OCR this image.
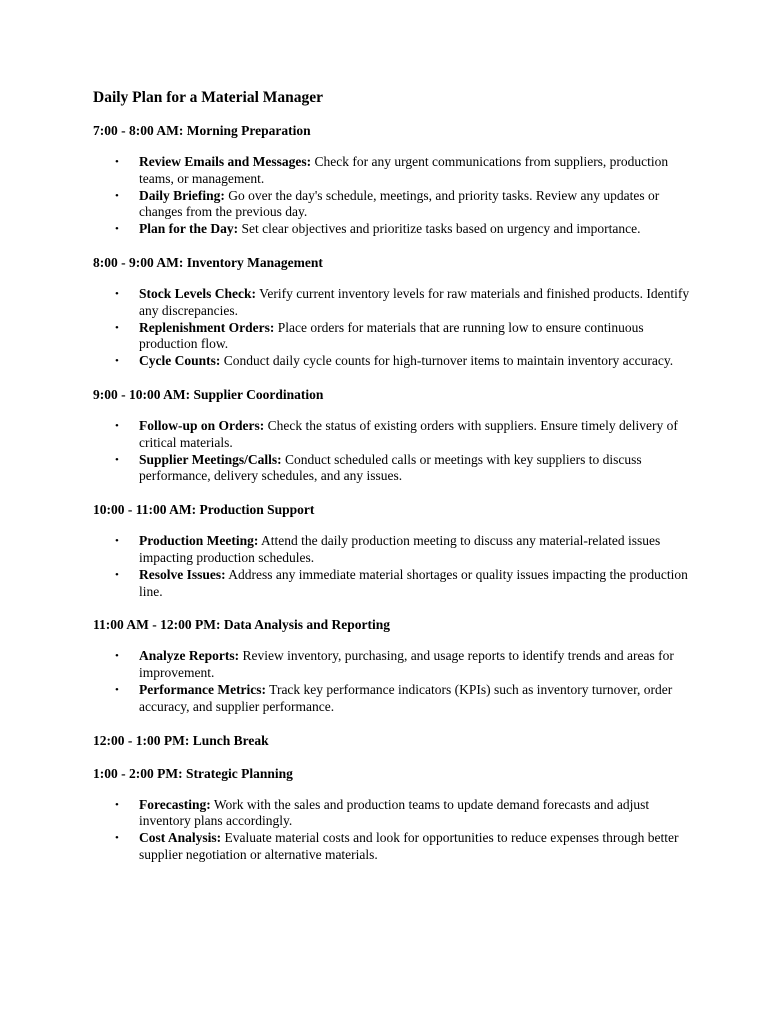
Daily Plan for a Material Manager
7:00 - 8:00 AM: Morning Preparation
• Review Emails and Messages: Check for any urgent communications from suppliers, production teams, or management.
• Daily Briefing: Go over the day's schedule, meetings, and priority tasks. Review any updates or changes from the previous day.
• Plan for the Day: Set clear objectives and prioritize tasks based on urgency and importance.
8:00 - 9:00 AM: Inventory Management
• Stock Levels Check: Verify current inventory levels for raw materials and finished products. Identify any discrepancies.
• Replenishment Orders: Place orders for materials that are running low to ensure continuous production flow.
• Cycle Counts: Conduct daily cycle counts for high-turnover items to maintain inventory accuracy.
9:00 - 10:00 AM: Supplier Coordination
• Follow-up on Orders: Check the status of existing orders with suppliers. Ensure timely delivery of critical materials.
• Supplier Meetings/Calls: Conduct scheduled calls or meetings with key suppliers to discuss performance, delivery schedules, and any issues.
10:00 - 11:00 AM: Production Support
• Production Meeting: Attend the daily production meeting to discuss any material-related issues impacting production schedules.
• Resolve Issues: Address any immediate material shortages or quality issues impacting the production line.
11:00 AM - 12:00 PM: Data Analysis and Reporting
• Analyze Reports: Review inventory, purchasing, and usage reports to identify trends and areas for improvement.
• Performance Metrics: Track key performance indicators (KPIs) such as inventory turnover, order accuracy, and supplier performance.
12:00 - 1:00 PM: Lunch Break
1:00 - 2:00 PM: Strategic Planning
• Forecasting: Work with the sales and production teams to update demand forecasts and adjust inventory plans accordingly.
• Cost Analysis: Evaluate material costs and look for opportunities to reduce expenses through better supplier negotiation or alternative materials.
